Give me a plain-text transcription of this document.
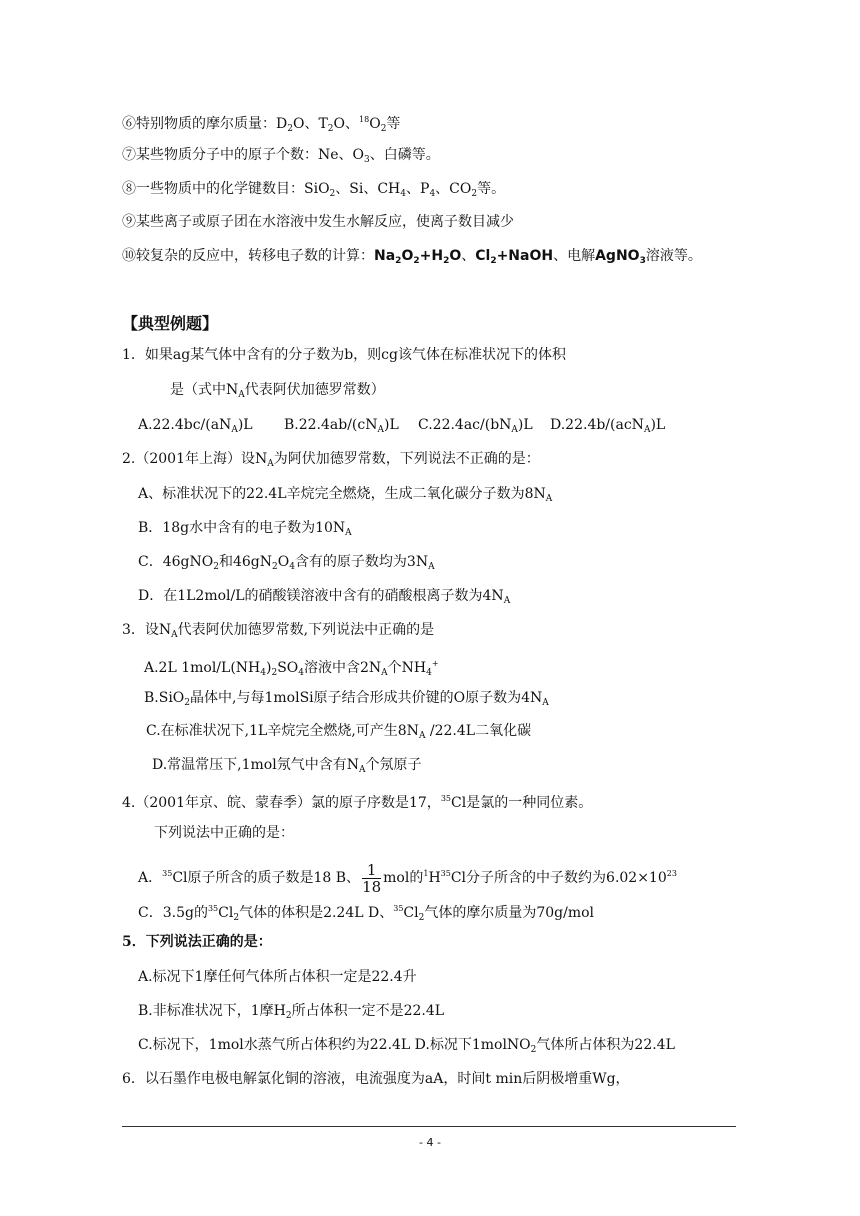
⑥特别物质的摩尔质量：$D_2O$、$T_2O$、$^{18}O_2$等
⑦某些物质分子中的原子个数：Ne、$O_3$、白磷等。
⑧一些物质中的化学键数目：SiO$_2$、Si、$CH_4$、$P_4$、$CO_2$等。
⑨某些离子或原子团在水溶液中发生水解反应，使离子数目减少
⑩较复杂的反应中，转移电子数的计算：$Na_2O_2+H_2O$、$Cl_2+NaOH$、电解AgNO$_3$溶液等。
【典型例题】
1．如果ag某气体中含有的分子数为b，则cg该气体在标准状况下的体积
是（式中$N_A$代表阿伏加德罗常数）
$A.22.4bc/(aN_A)L$ $B.22.4ab/(cN_A)L$ $C.22.4ac/(bN_A)L$ D.22.4b/(acN$_A$)L
2.（2001年上海）设$N_A$为阿伏加德罗常数，下列说法不正确的是：
A、标准状况下的22.4L辛烷完全燃烧，生成二氧化碳分子数为$8N_A$
B．18g水中含有的电子数为$10N_A$
C．46gNO$_2$和$46gN_2O_4$含有的原子数均为$3N_A$
D．在1L2mol/L的硝酸镁溶液中含有的硝酸根离子数为$4N_A$
3．设$N_A$代表阿伏加德罗常数,下列说法中正确的是
A.2L $1mol/L(NH_4)_2SO_4$溶液中含$2N_A$个$NH_4^+$
B.SiO$_2$晶体中,与每1molSi原子结合形成共价键的O原子数为$4N_A$
C.在标准状况下,1L辛烷完全燃烧,可产生$8N_A$ /22.4L二氧化碳
D.常温常压下,1mol氖气中含有$N_A$个氖原子
4.（2001年京、皖、蒙春季）氯的原子序数是17，$^{35}$Cl是氯的一种同位素。
下列说法中正确的是：
A．$^{35}$Cl原子所含的质子数是18 B、 $\frac{1}{18}$ mol的$^1H^{35}Cl$分子所含的中子数约为$6.02\times 10^{23}$
C．3.5g的$^{35}Cl_2$气体的体积是2.24L D、$^{35}Cl_2$气体的摩尔质量为70g/mol
5．下列说法正确的是：
A.标况下1摩任何气体所占体积一定是22.4升
B.非标准状况下，1摩$H_2$所占体积一定不是22.4L
C.标况下，1mol水蒸气所占体积约为22.4L D.标况下1molNO$_2$气体所占体积为22.4L
6．以石墨作电极电解氯化铜的溶液，电流强度为aA，时间t min后阴极增重Wg，
- 4 -
